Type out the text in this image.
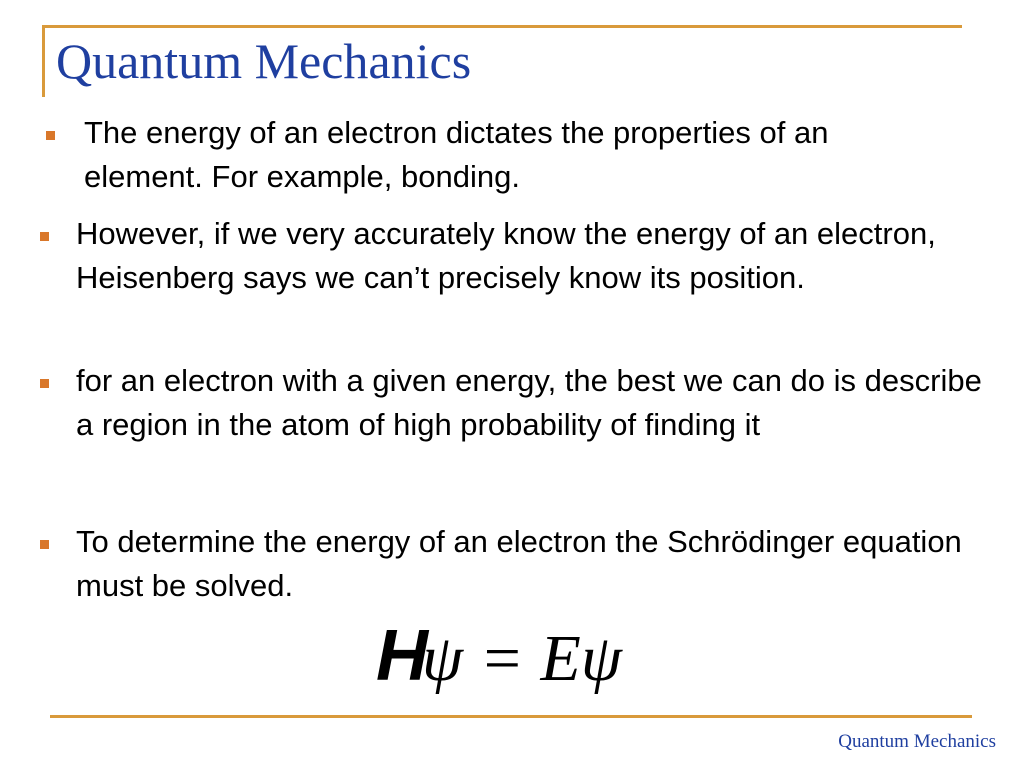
Quantum Mechanics

The energy of an electron dictates the properties of an element. For example, bonding.

However, if we very accurately know the energy of an electron, Heisenberg says we can’t precisely know its position.

for an electron with a given energy, the best we can do is describe a region in the atom of high probability of finding it

To determine the energy of an electron the Schrödinger equation must be solved.

H
ψ = Eψ
Quantum Mechanics
